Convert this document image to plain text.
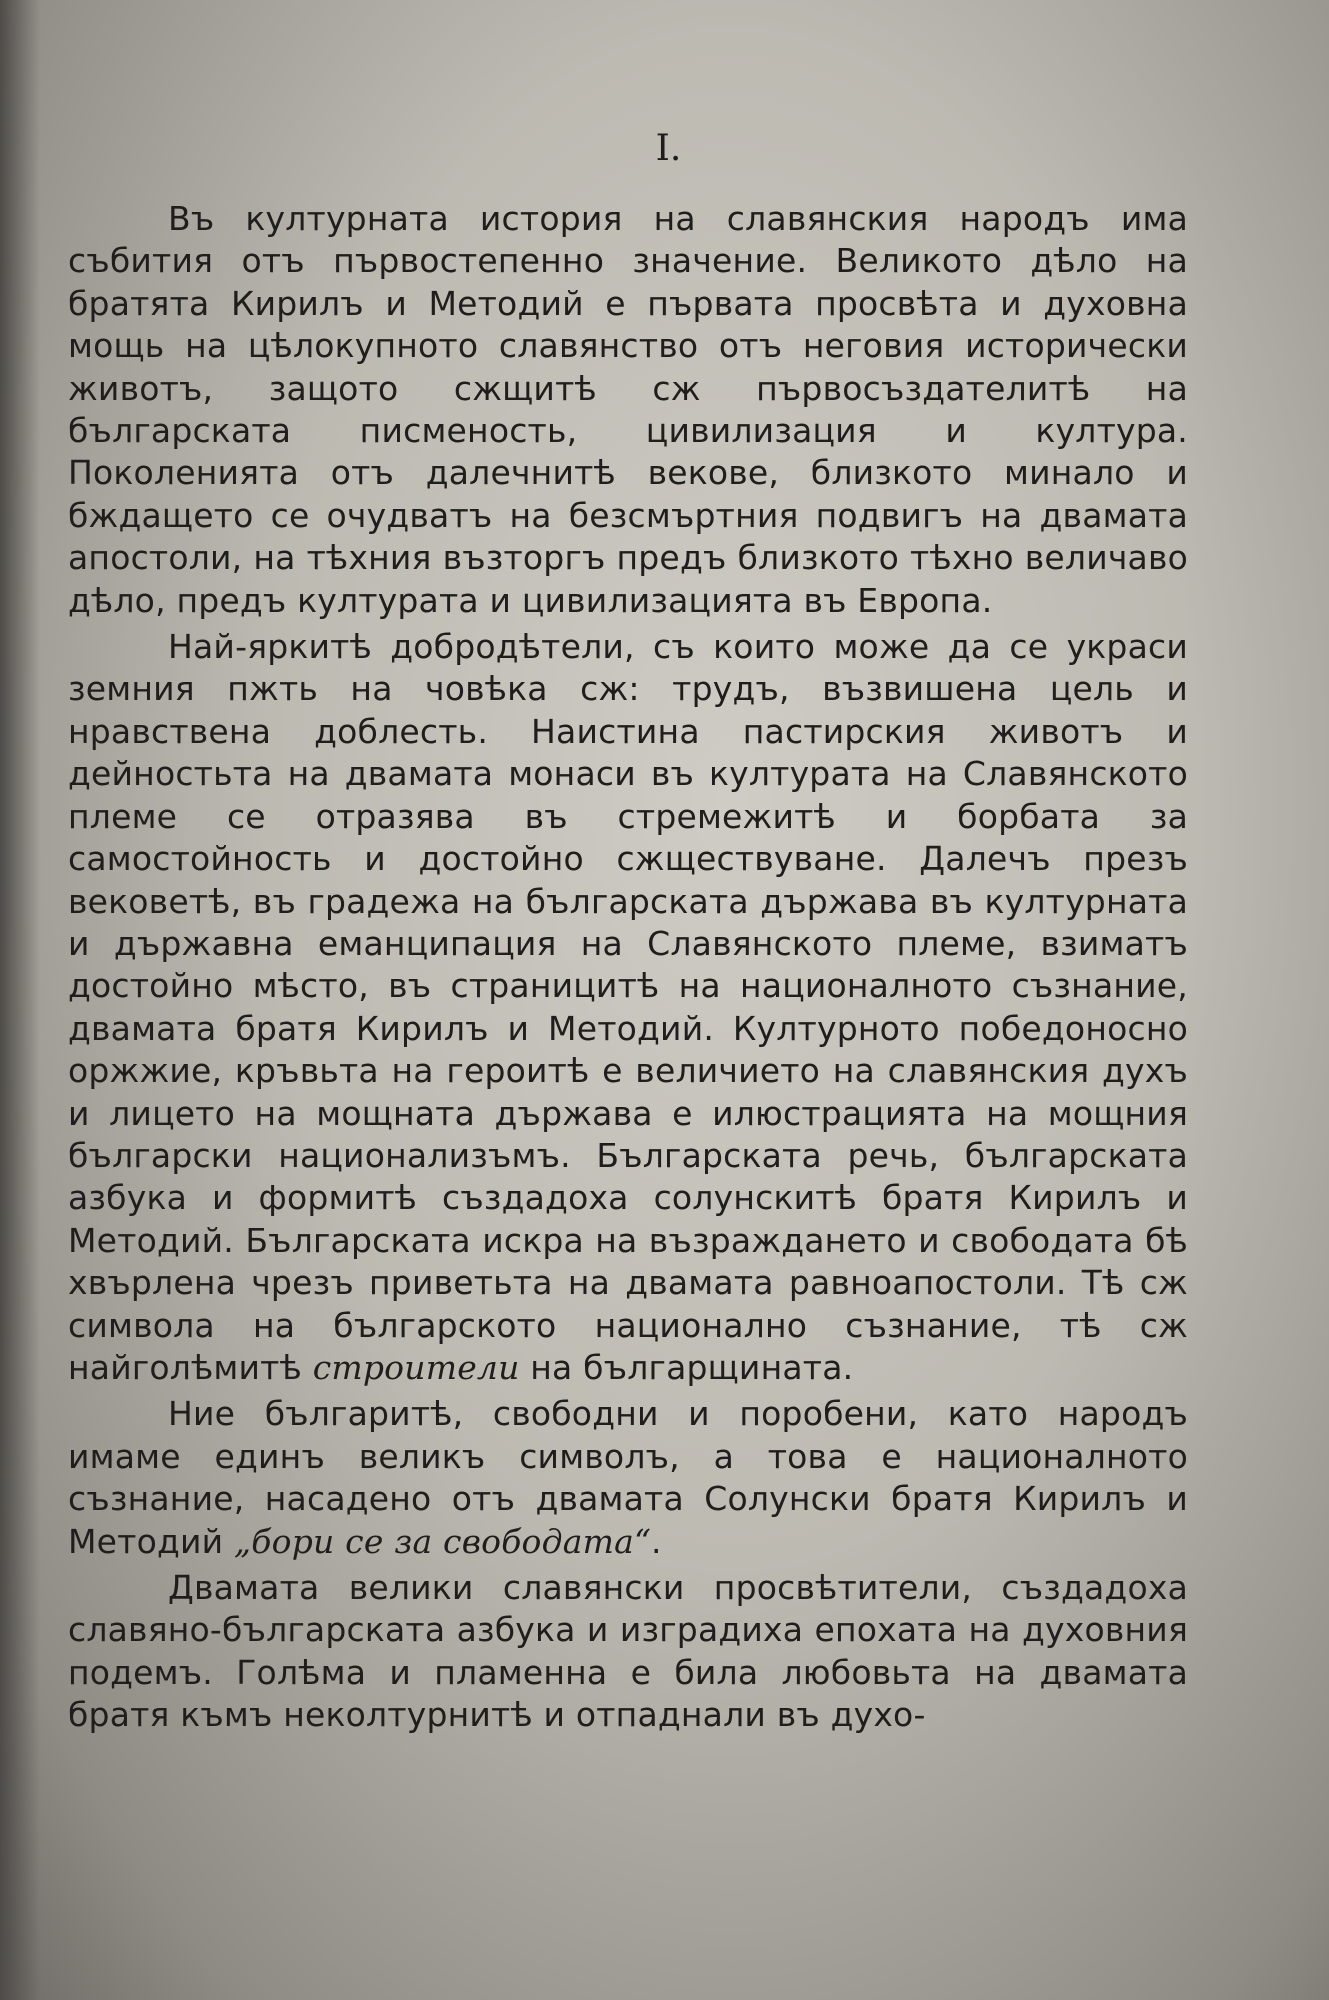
I.

Въ културната история на славянския народъ има събития отъ първостепенно значение. Великото дѣло на братята Кирилъ и Методий е първата просвѣта и духовна мощь на цѣлокупното славянство отъ неговия исторически животъ, защото сжщитѣ сж първосъздателитѣ на българската писменость, цивилизация и култура. Поколенията отъ далечнитѣ векове, близкото минало и бждащето се очудватъ на безсмъртния подвигъ на двамата апостоли, на тѣхния възторгъ предъ близкото тѣхно величаво дѣло, предъ културата и цивилизацията въ Европа.

Най-яркитѣ добродѣтели, съ които може да се украси земния пжть на човѣка сж: трудъ, възвишена цель и нравствена доблесть. Наистина пастирския животъ и дейностьта на двамата монаси въ културата на Славянското племе се отразява въ стремежитѣ и борбата за самостойность и достойно сжществуване. Далечъ презъ вековетѣ, въ градежа на българската държава въ културната и държавна еманципация на Славянското племе, взиматъ достойно мѣсто, въ страницитѣ на националното съзнание, двамата братя Кирилъ и Методий. Културното победоносно оржжие, кръвьта на героитѣ е величието на славянския духъ и лицето на мощната държава е илюстрацията на мощния български национализъмъ. Българската речь, българската азбука и формитѣ създадоха солунскитѣ братя Кирилъ и Методий. Българската искра на възраждането и свободата бѣ хвърлена чрезъ приветьта на двамата равноапостоли. Тѣ сж символа на българското национално съзнание, тѣ сж найголѣмитѣ строители на българщината.

Ние българитѣ, свободни и поробени, като народъ имаме единъ великъ символъ, а това е националното съзнание, насадено отъ двамата Солунски братя Кирилъ и Методий „бори се за свободата“.

Двамата велики славянски просвѣтители, създадоха славяно-българската азбука и изградиха епохата на духовния подемъ. Голѣма и пламенна е била любовьта на двамата братя къмъ неколтурнитѣ и отпаднали въ духо-
